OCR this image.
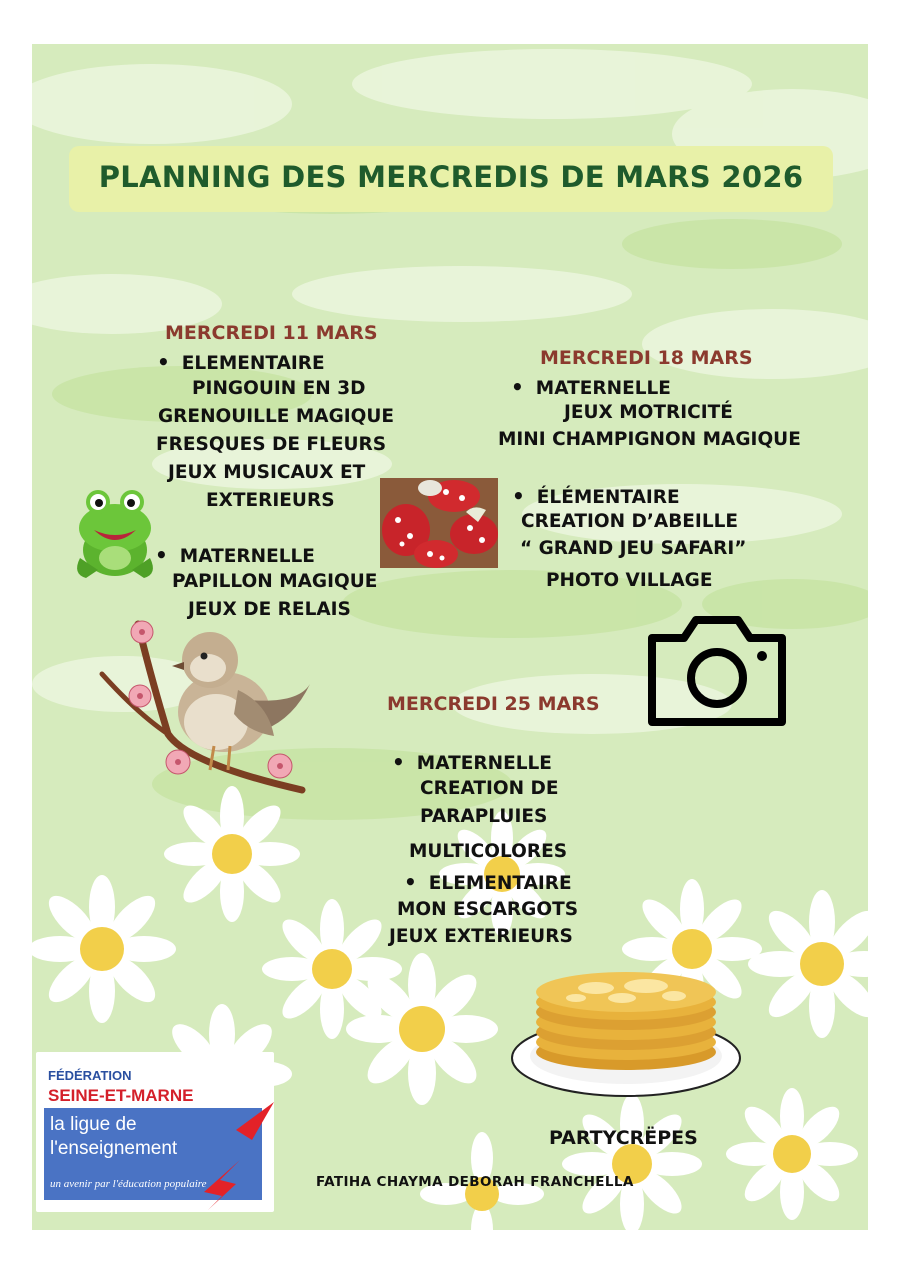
PLANNING DES MERCREDIS DE MARS 2026
MERCREDI 11 MARS
• ELEMENTAIRE
PINGOUIN EN 3D
GRENOUILLE MAGIQUE
FRESQUES DE FLEURS
JEUX MUSICAUX ET
EXTERIEURS
• MATERNELLE
PAPILLON MAGIQUE
JEUX DE RELAIS
MERCREDI 18 MARS
• MATERNELLE
JEUX MOTRICITÉ
MINI CHAMPIGNON MAGIQUE
• ÉLÉMENTAIRE
CREATION D’ABEILLE
“ GRAND JEU SAFARI”
PHOTO VILLAGE
MERCREDI 25 MARS
• MATERNELLE
CREATION DE
PARAPLUIES
MULTICOLORES
• ELEMENTAIRE
MON ESCARGOTS
JEUX EXTERIEURS
PARTYCRËPES
FATIHA CHAYMA DEBORAH FRANCHELLA
FÉDÉRATION
SEINE-ET-MARNE
la ligue de
l'enseignement
un avenir par l'éducation populaire
